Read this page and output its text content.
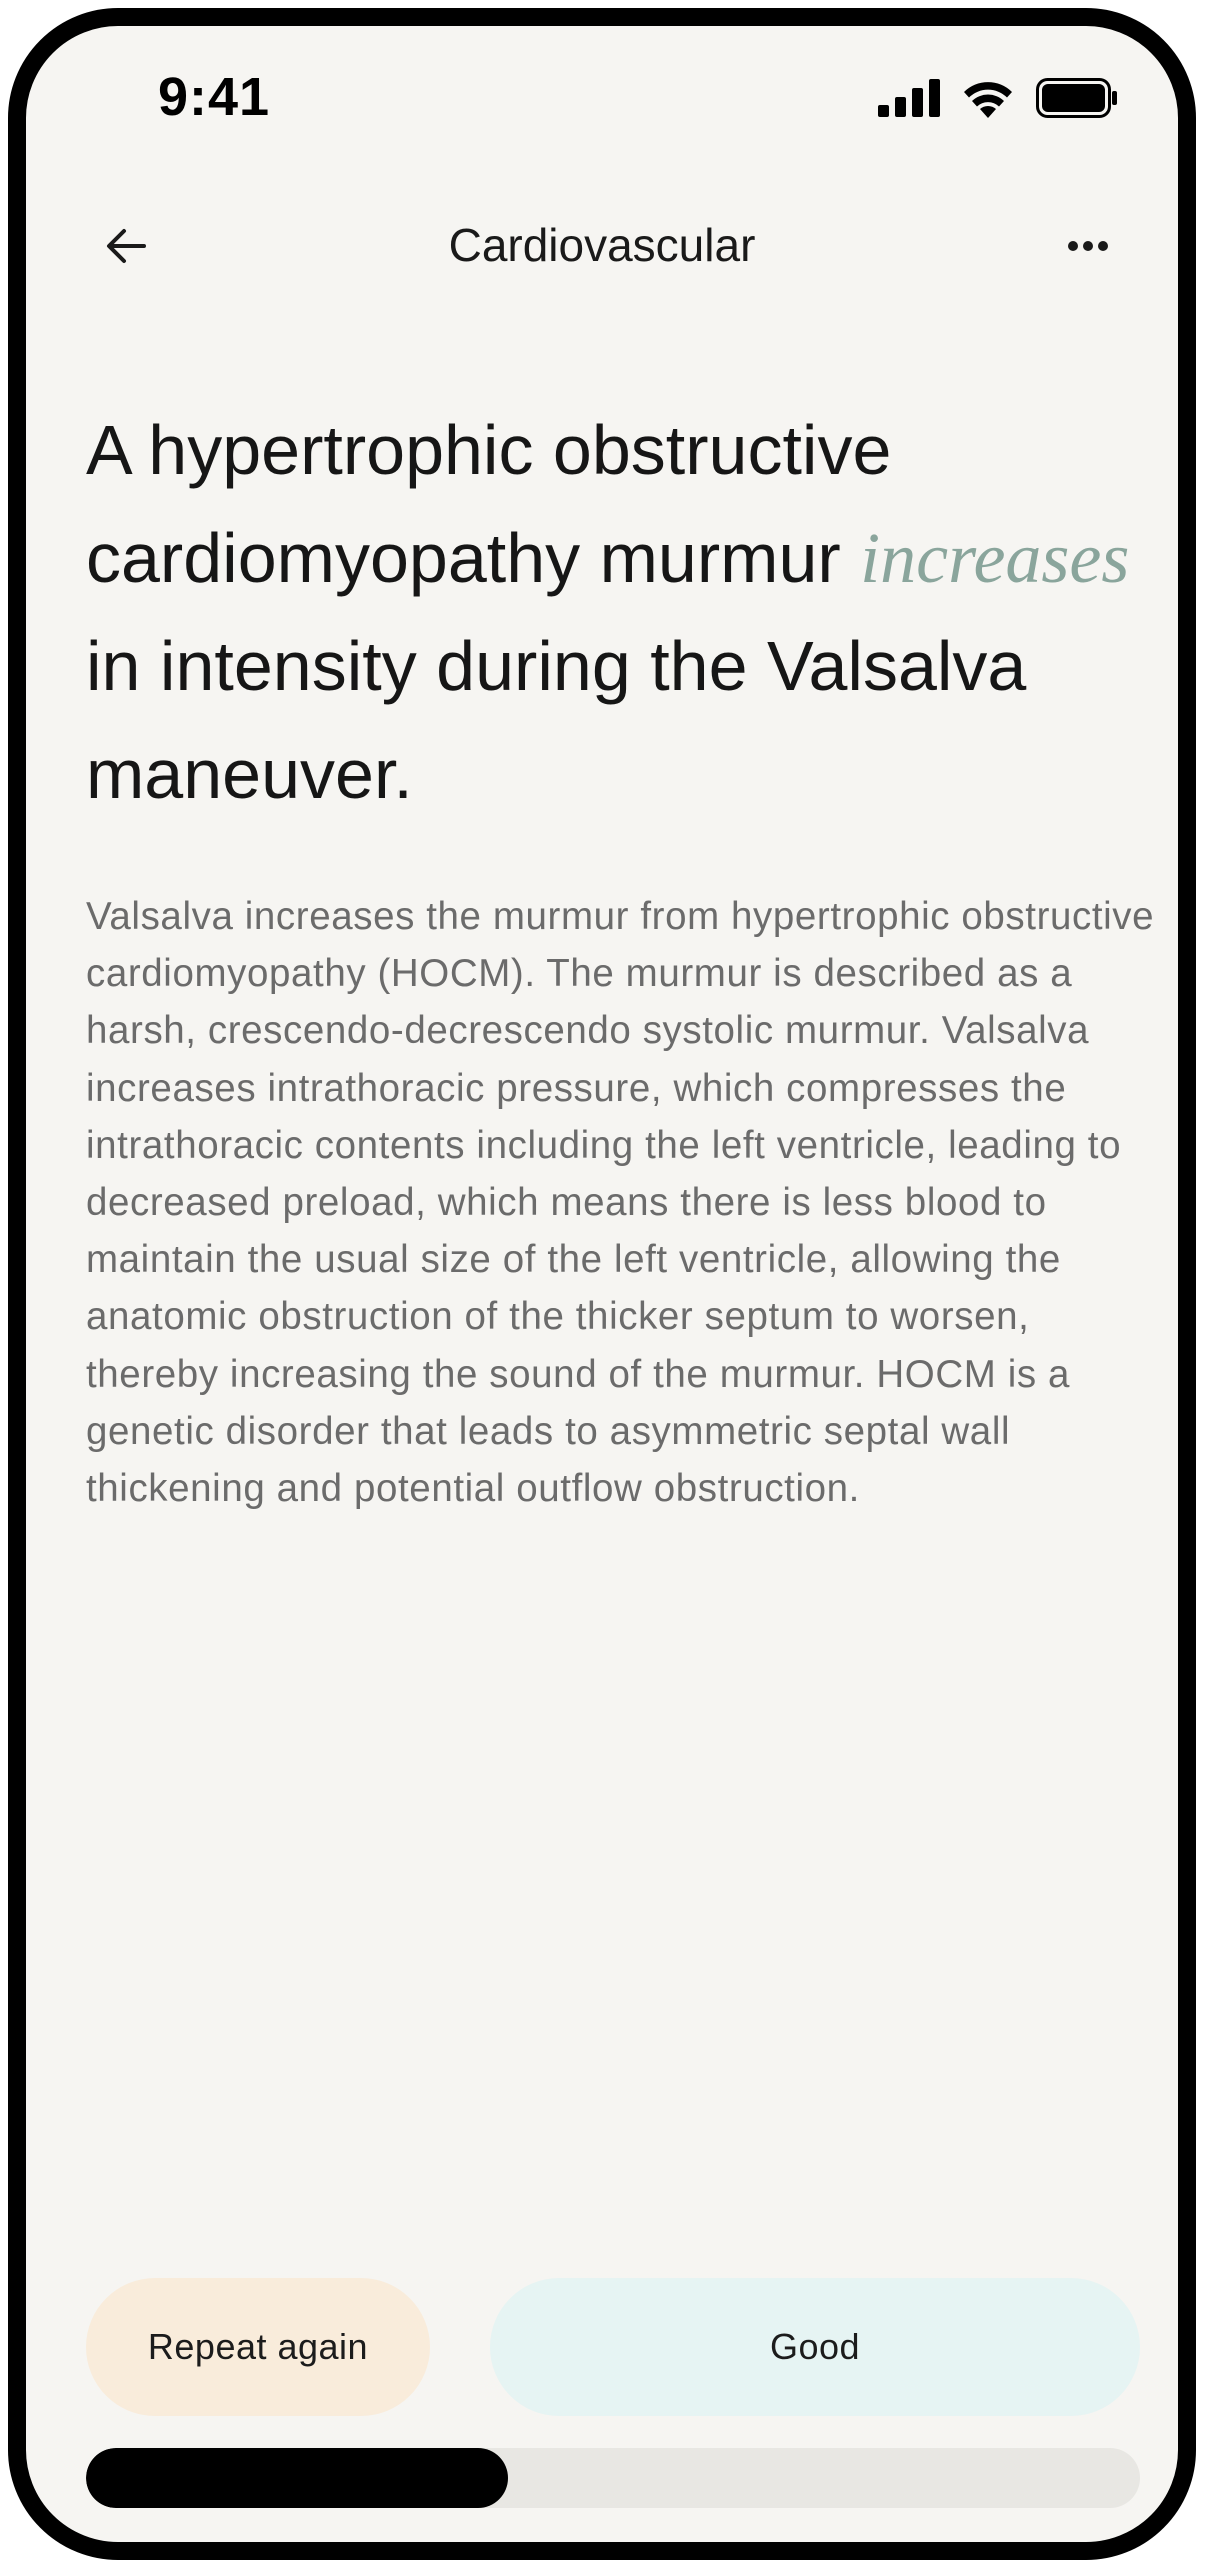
9:41
Cardiovascular
A hypertrophic obstructive cardiomyopathy murmur increases in intensity during the Valsalva maneuver.
Valsalva increases the murmur from hypertrophic obstructive cardiomyopathy (HOCM). The murmur is described as a harsh, crescendo-decrescendo systolic murmur. Valsalva increases intrathoracic pressure, which compresses the intrathoracic contents including the left ventricle, leading to decreased preload, which means there is less blood to maintain the usual size of the left ventricle, allowing the anatomic obstruction of the thicker septum to worsen, thereby increasing the sound of the murmur. HOCM is a genetic disorder that leads to asymmetric septal wall thickening and potential outflow obstruction.
Repeat again	Good
